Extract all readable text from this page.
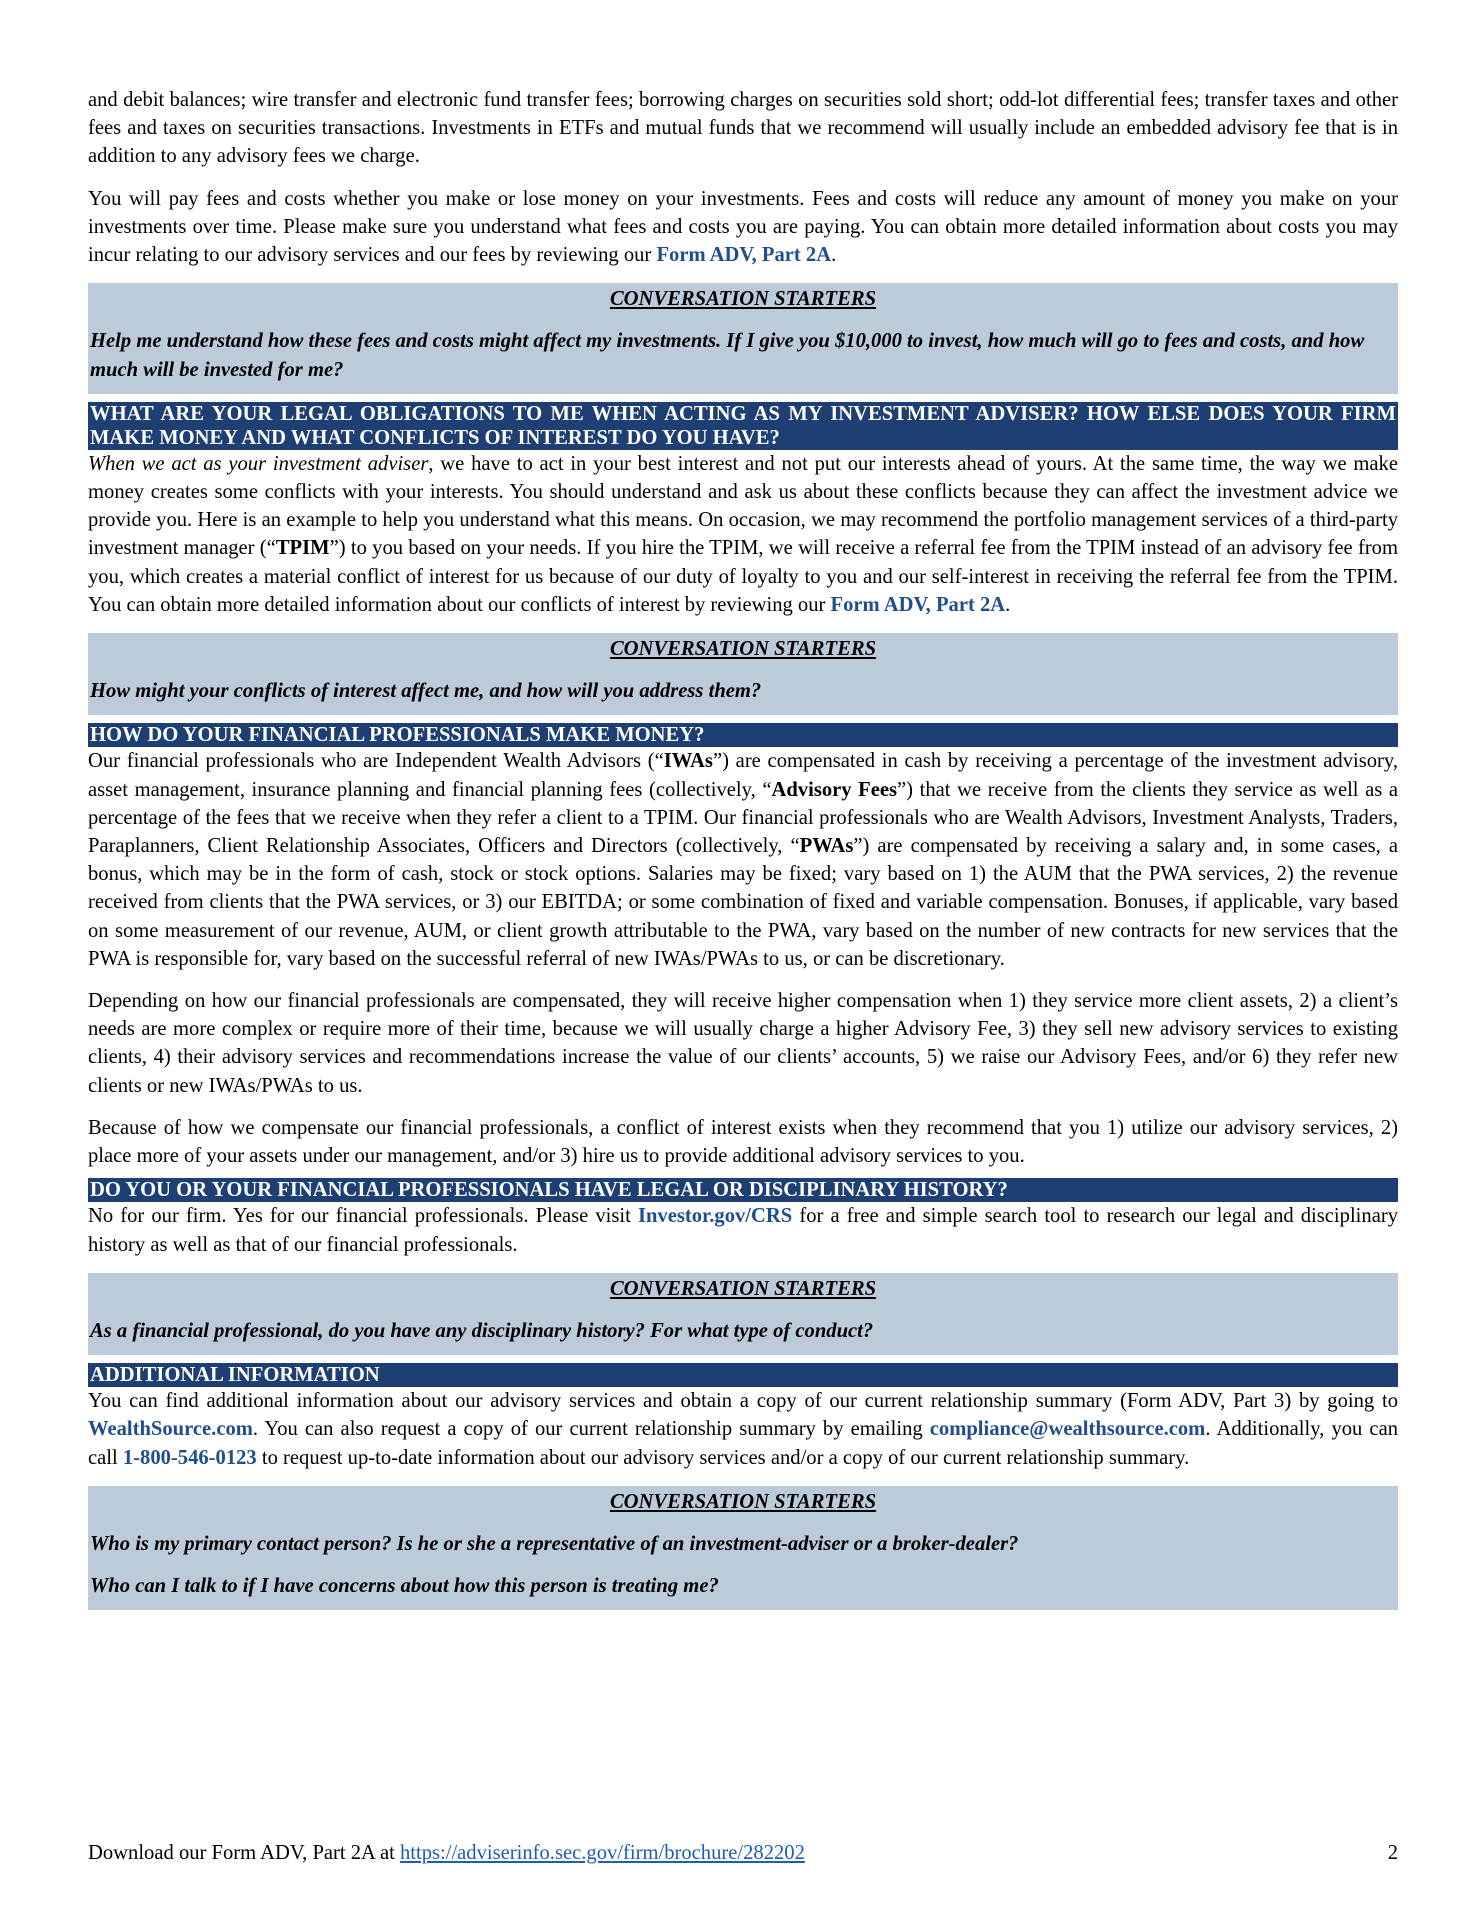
and debit balances; wire transfer and electronic fund transfer fees; borrowing charges on securities sold short; odd-lot differential fees; transfer taxes and other fees and taxes on securities transactions. Investments in ETFs and mutual funds that we recommend will usually include an embedded advisory fee that is in addition to any advisory fees we charge.

You will pay fees and costs whether you make or lose money on your investments. Fees and costs will reduce any amount of money you make on your investments over time. Please make sure you understand what fees and costs you are paying. You can obtain more detailed information about costs you may incur relating to our advisory services and our fees by reviewing our Form ADV, Part 2A.

CONVERSATION STARTERS
Help me understand how these fees and costs might affect my investments. If I give you $10,000 to invest, how much will go to fees and costs, and how much will be invested for me?
WHAT ARE YOUR LEGAL OBLIGATIONS TO ME WHEN ACTING AS MY INVESTMENT ADVISER? HOW ELSE DOES YOUR FIRM MAKE MONEY AND WHAT CONFLICTS OF INTEREST DO YOU HAVE?

When we act as your investment adviser, we have to act in your best interest and not put our interests ahead of yours. At the same time, the way we make money creates some conflicts with your interests. You should understand and ask us about these conflicts because they can affect the investment advice we provide you. Here is an example to help you understand what this means. On occasion, we may recommend the portfolio management services of a third-party investment manager (“TPIM”) to you based on your needs. If you hire the TPIM, we will receive a referral fee from the TPIM instead of an advisory fee from you, which creates a material conflict of interest for us because of our duty of loyalty to you and our self-interest in receiving the referral fee from the TPIM. You can obtain more detailed information about our conflicts of interest by reviewing our Form ADV, Part 2A.

CONVERSATION STARTERS
How might your conflicts of interest affect me, and how will you address them?
HOW DO YOUR FINANCIAL PROFESSIONALS MAKE MONEY?

Our financial professionals who are Independent Wealth Advisors (“IWAs”) are compensated in cash by receiving a percentage of the investment advisory, asset management, insurance planning and financial planning fees (collectively, “Advisory Fees”) that we receive from the clients they service as well as a percentage of the fees that we receive when they refer a client to a TPIM. Our financial professionals who are Wealth Advisors, Investment Analysts, Traders, Paraplanners, Client Relationship Associates, Officers and Directors (collectively, “PWAs”) are compensated by receiving a salary and, in some cases, a bonus, which may be in the form of cash, stock or stock options. Salaries may be fixed; vary based on 1) the AUM that the PWA services, 2) the revenue received from clients that the PWA services, or 3) our EBITDA; or some combination of fixed and variable compensation. Bonuses, if applicable, vary based on some measurement of our revenue, AUM, or client growth attributable to the PWA, vary based on the number of new contracts for new services that the PWA is responsible for, vary based on the successful referral of new IWAs/PWAs to us, or can be discretionary.

Depending on how our financial professionals are compensated, they will receive higher compensation when 1) they service more client assets, 2) a client’s needs are more complex or require more of their time, because we will usually charge a higher Advisory Fee, 3) they sell new advisory services to existing clients, 4) their advisory services and recommendations increase the value of our clients’ accounts, 5) we raise our Advisory Fees, and/or 6) they refer new clients or new IWAs/PWAs to us.

Because of how we compensate our financial professionals, a conflict of interest exists when they recommend that you 1) utilize our advisory services, 2) place more of your assets under our management, and/or 3) hire us to provide additional advisory services to you.

DO YOU OR YOUR FINANCIAL PROFESSIONALS HAVE LEGAL OR DISCIPLINARY HISTORY?

No for our firm. Yes for our financial professionals. Please visit Investor.gov/CRS for a free and simple search tool to research our legal and disciplinary history as well as that of our financial professionals.

CONVERSATION STARTERS
As a financial professional, do you have any disciplinary history? For what type of conduct?
ADDITIONAL INFORMATION

You can find additional information about our advisory services and obtain a copy of our current relationship summary (Form ADV, Part 3) by going to WealthSource.com. You can also request a copy of our current relationship summary by emailing compliance@wealthsource.com. Additionally, you can call 1-800-546-0123 to request up-to-date information about our advisory services and/or a copy of our current relationship summary.

CONVERSATION STARTERS
Who is my primary contact person? Is he or she a representative of an investment-adviser or a broker-dealer?
Who can I talk to if I have concerns about how this person is treating me?
Download our Form ADV, Part 2A at https://adviserinfo.sec.gov/firm/brochure/282202	2
